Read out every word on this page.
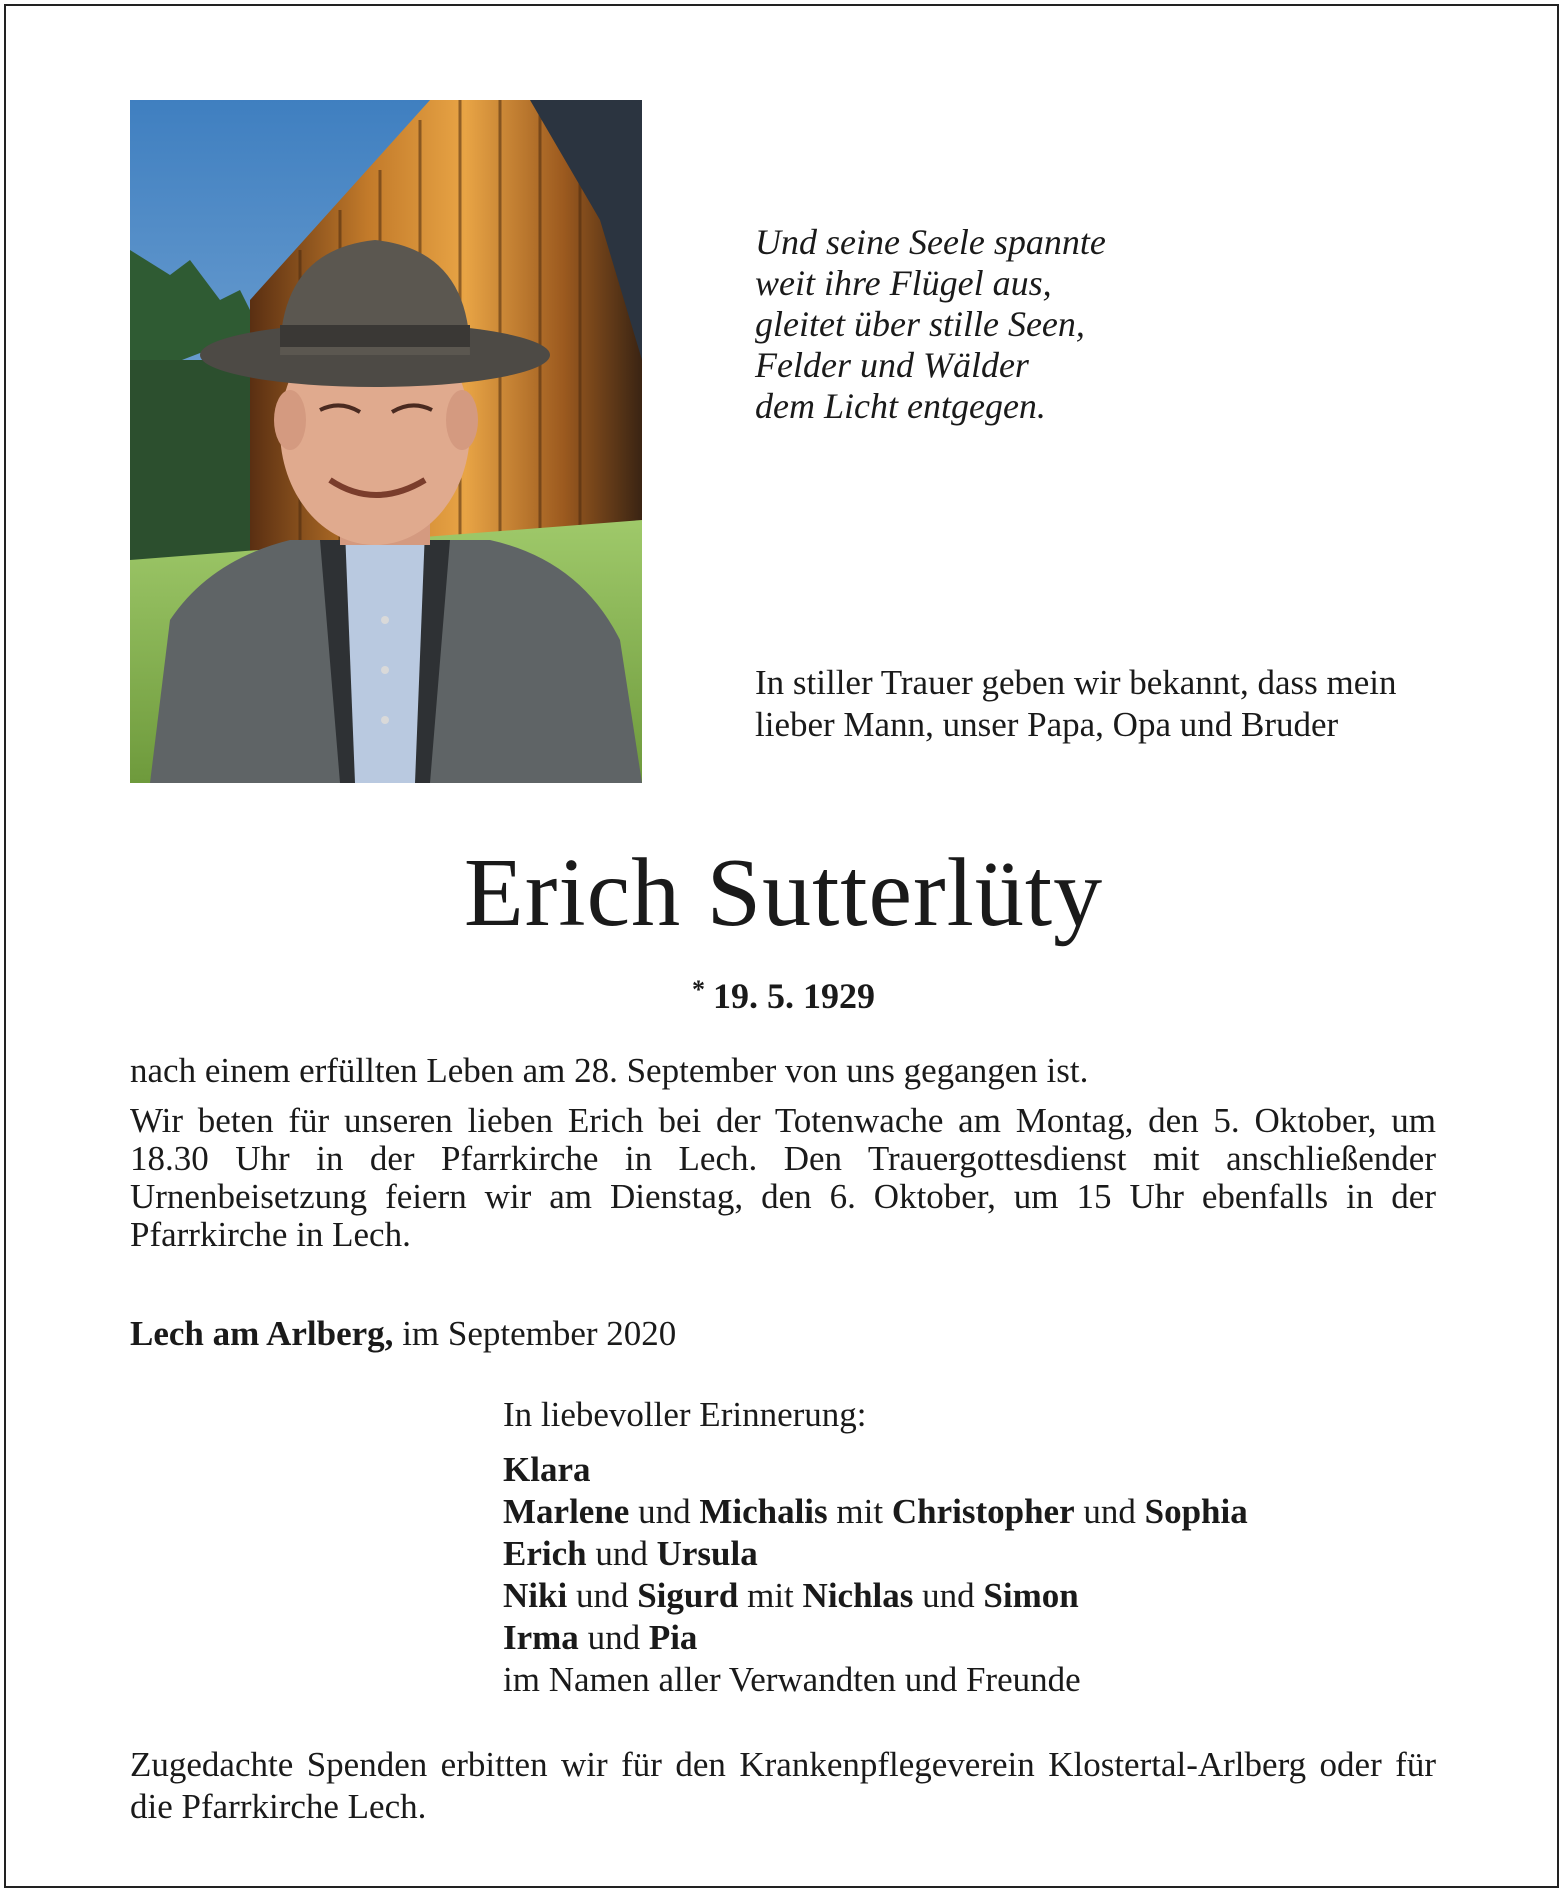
Und seine Seele spannte
weit ihre Flügel aus,
gleitet über stille Seen,
Felder und Wälder
dem Licht entgegen.
In stiller Trauer geben wir bekannt, dass mein lieber Mann, unser Papa, Opa und Bruder
Erich Sutterlüty
* 19. 5. 1929
nach einem erfüllten Leben am 28. September von uns gegangen ist.
Wir beten für unseren lieben Erich bei der Totenwache am Montag, den 5. Oktober, um 18.30 Uhr in der Pfarrkirche in Lech. Den Trauergottesdienst mit anschließender Urnenbeisetzung feiern wir am Dienstag, den 6. Oktober, um 15 Uhr ebenfalls in der Pfarrkirche in Lech.
Lech am Arlberg, im September 2020
In liebevoller Erinnerung:
Klara
Marlene und Michalis mit Christopher und Sophia
Erich und Ursula
Niki und Sigurd mit Nichlas und Simon
Irma und Pia
im Namen aller Verwandten und Freunde
Zugedachte Spenden erbitten wir für den Krankenpflegeverein Klostertal-Arlberg oder für die Pfarrkirche Lech.
